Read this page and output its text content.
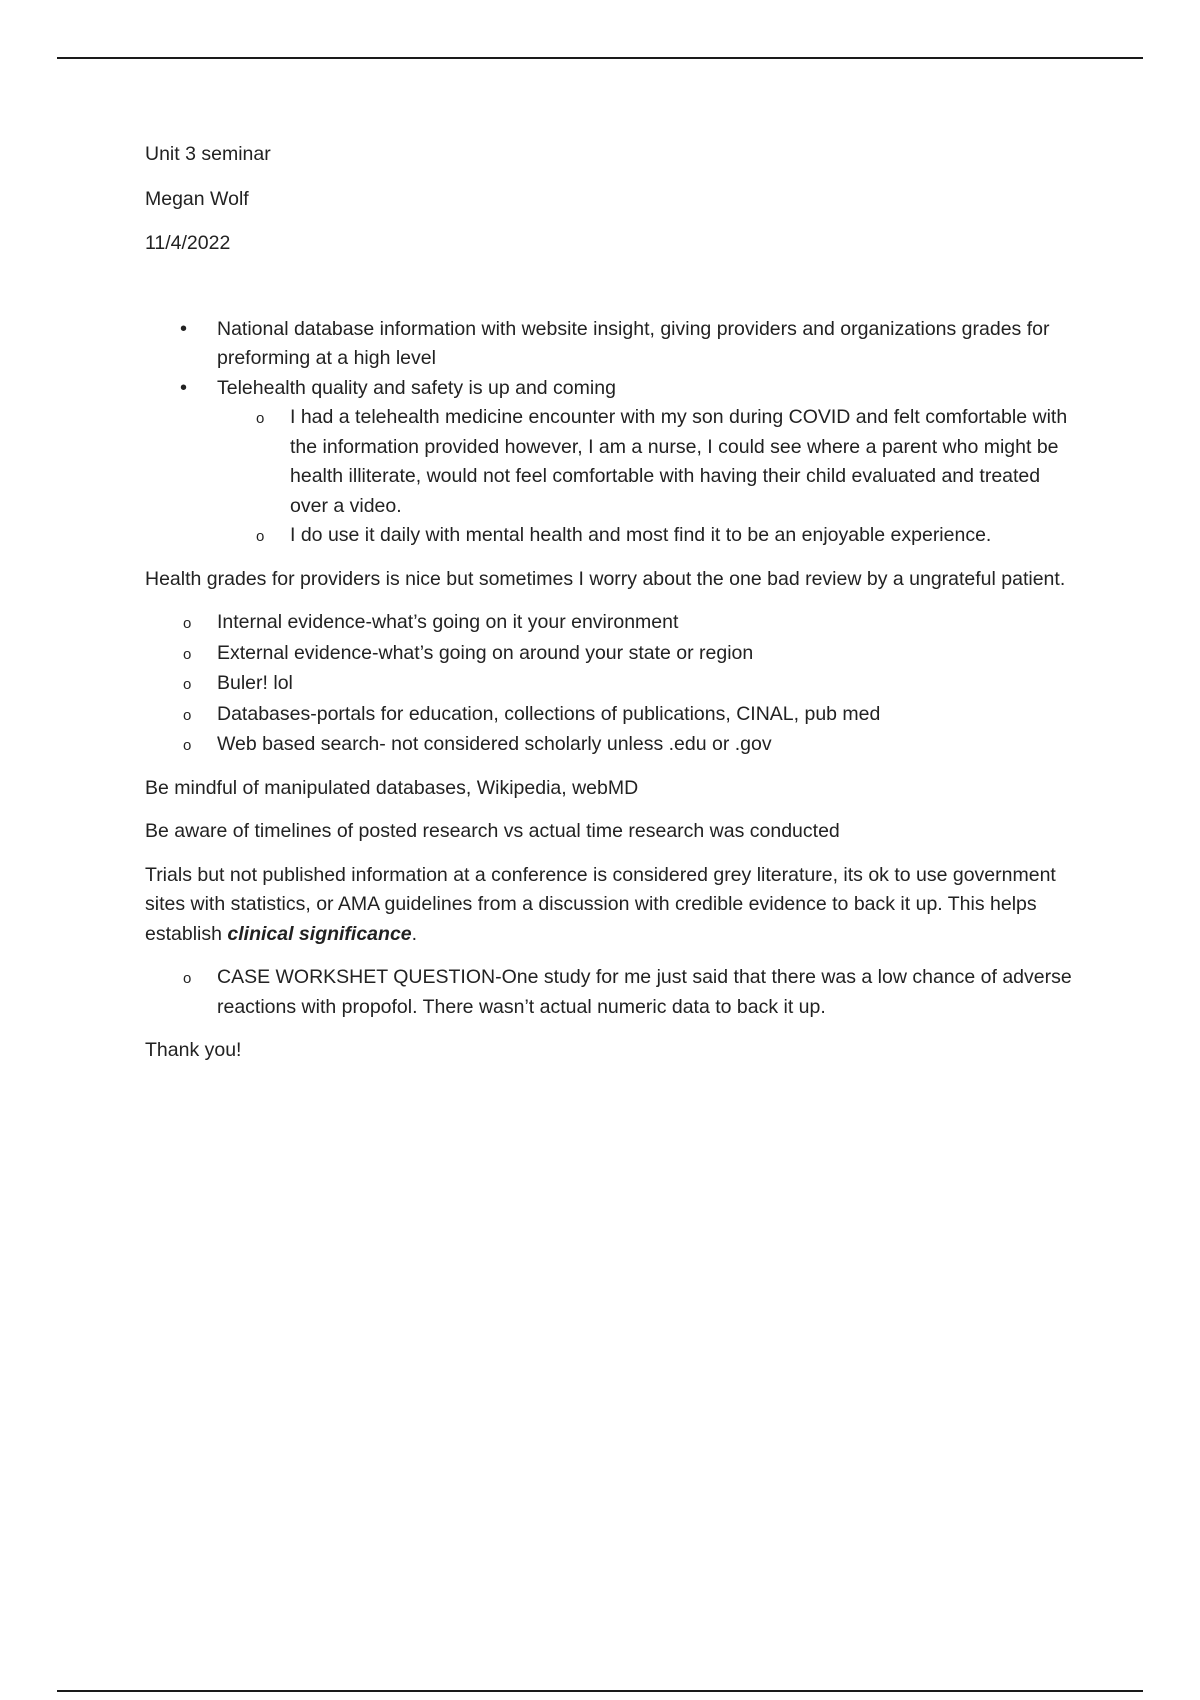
Unit 3 seminar

Megan Wolf

11/4/2022

• National database information with website insight, giving providers and organizations grades for preforming at a high level
• Telehealth quality and safety is up and coming
o I had a telehealth medicine encounter with my son during COVID and felt comfortable with the information provided however, I am a nurse, I could see where a parent who might be health illiterate, would not feel comfortable with having their child evaluated and treated over a video.
o I do use it daily with mental health and most find it to be an enjoyable experience.

Health grades for providers is nice but sometimes I worry about the one bad review by a ungrateful patient.

o Internal evidence-what’s going on it your environment
o External evidence-what’s going on around your state or region
o Buler! lol
o Databases-portals for education, collections of publications, CINAL, pub med
o Web based search- not considered scholarly unless .edu or .gov

Be mindful of manipulated databases, Wikipedia, webMD

Be aware of timelines of posted research vs actual time research was conducted

Trials but not published information at a conference is considered grey literature, its ok to use government sites with statistics, or AMA guidelines from a discussion with credible evidence to back it up. This helps establish clinical significance.

o CASE WORKSHET QUESTION-One study for me just said that there was a low chance of adverse reactions with propofol. There wasn’t actual numeric data to back it up.

Thank you!
